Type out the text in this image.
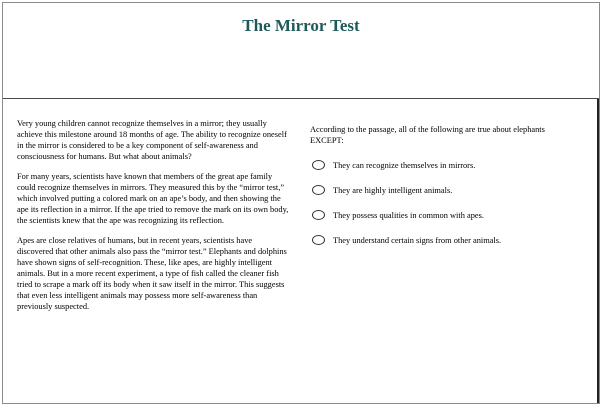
The Mirror Test

Very young children cannot recognize themselves in a mirror; they usually achieve this milestone around 18 months of age. The ability to recognize oneself in the mirror is considered to be a key component of self-awareness and consciousness for humans. But what about animals?

For many years, scientists have known that members of the great ape family could recognize themselves in mirrors. They measured this by the “mirror test,” which involved putting a colored mark on an ape’s body, and then showing the ape its reflection in a mirror. If the ape tried to remove the mark on its own body, the scientists knew that the ape was recognizing its reflection.

Apes are close relatives of humans, but in recent years, scientists have discovered that other animals also pass the “mirror test.” Elephants and dolphins have shown signs of self-recognition. These, like apes, are highly intelligent animals. But in a more recent experiment, a type of fish called the cleaner fish tried to scrape a mark off its body when it saw itself in the mirror. This suggests that even less intelligent animals may possess more self-awareness than previously suspected.

According to the passage, all of the following are true about elephants EXCEPT:

They can recognize themselves in mirrors.
They are highly intelligent animals.
They possess qualities in common with apes.
They understand certain signs from other animals.
